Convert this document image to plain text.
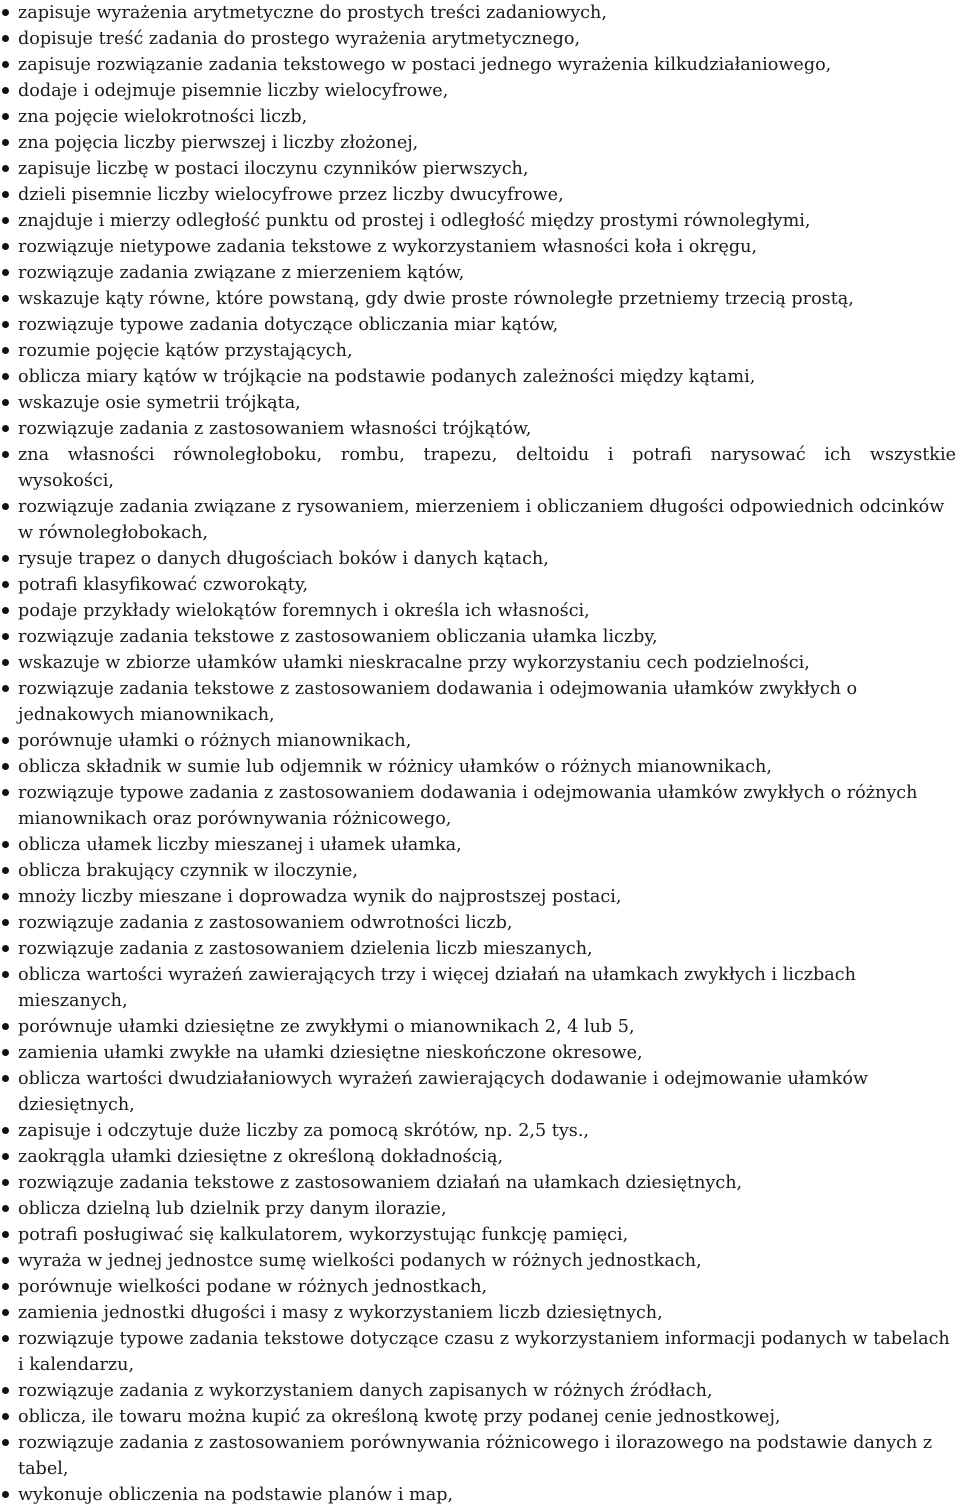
zapisuje wyrażenia arytmetyczne do prostych treści zadaniowych,
dopisuje treść zadania do prostego wyrażenia arytmetycznego,
zapisuje rozwiązanie zadania tekstowego w postaci jednego wyrażenia kilkudziałaniowego,
dodaje i odejmuje pisemnie liczby wielocyfrowe,
zna pojęcie wielokrotności liczb,
zna pojęcia liczby pierwszej i liczby złożonej,
zapisuje liczbę w postaci iloczynu czynników pierwszych,
dzieli pisemnie liczby wielocyfrowe przez liczby dwucyfrowe,
znajduje i mierzy odległość punktu od prostej i odległość między prostymi równoległymi,
rozwiązuje nietypowe zadania tekstowe z wykorzystaniem własności koła i okręgu,
rozwiązuje zadania związane z mierzeniem kątów,
wskazuje kąty równe, które powstaną, gdy dwie proste równoległe przetniemy trzecią prostą,
rozwiązuje typowe zadania dotyczące obliczania miar kątów,
rozumie pojęcie kątów przystających,
oblicza miary kątów w trójkącie na podstawie podanych zależności między kątami,
wskazuje osie symetrii trójkąta,
rozwiązuje zadania z zastosowaniem własności trójkątów,
zna własności równoległoboku, rombu, trapezu, deltoidu i potrafi narysować ich wszystkie wysokości,
rozwiązuje zadania związane z rysowaniem, mierzeniem i obliczaniem długości odpowiednich odcinków w równoległobokach,
rysuje trapez o danych długościach boków i danych kątach,
potrafi klasyfikować czworokąty,
podaje przykłady wielokątów foremnych i określa ich własności,
rozwiązuje zadania tekstowe z zastosowaniem obliczania ułamka liczby,
wskazuje w zbiorze ułamków ułamki nieskracalne przy wykorzystaniu cech podzielności,
rozwiązuje zadania tekstowe z zastosowaniem dodawania i odejmowania ułamków zwykłych o jednakowych mianownikach,
porównuje ułamki o różnych mianownikach,
oblicza składnik w sumie lub odjemnik w różnicy ułamków o różnych mianownikach,
rozwiązuje typowe zadania z zastosowaniem dodawania i odejmowania ułamków zwykłych o różnych mianownikach oraz porównywania różnicowego,
oblicza ułamek liczby mieszanej i ułamek ułamka,
oblicza brakujący czynnik w iloczynie,
mnoży liczby mieszane i doprowadza wynik do najprostszej postaci,
rozwiązuje zadania z zastosowaniem odwrotności liczb,
rozwiązuje zadania z zastosowaniem dzielenia liczb mieszanych,
oblicza wartości wyrażeń zawierających trzy i więcej działań na ułamkach zwykłych i liczbach mieszanych,
porównuje ułamki dziesiętne ze zwykłymi o mianownikach 2, 4 lub 5,
zamienia ułamki zwykłe na ułamki dziesiętne nieskończone okresowe,
oblicza wartości dwudziałaniowych wyrażeń zawierających dodawanie i odejmowanie ułamków dziesiętnych,
zapisuje i odczytuje duże liczby za pomocą skrótów, np. 2,5 tys.,
zaokrągla ułamki dziesiętne z określoną dokładnością,
rozwiązuje zadania tekstowe z zastosowaniem działań na ułamkach dziesiętnych,
oblicza dzielną lub dzielnik przy danym ilorazie,
potrafi posługiwać się kalkulatorem, wykorzystując funkcję pamięci,
wyraża w jednej jednostce sumę wielkości podanych w różnych jednostkach,
porównuje wielkości podane w różnych jednostkach,
zamienia jednostki długości i masy z wykorzystaniem liczb dziesiętnych,
rozwiązuje typowe zadania tekstowe dotyczące czasu z wykorzystaniem informacji podanych w tabelach i kalendarzu,
rozwiązuje zadania z wykorzystaniem danych zapisanych w różnych źródłach,
oblicza, ile towaru można kupić za określoną kwotę przy podanej cenie jednostkowej,
rozwiązuje zadania z zastosowaniem porównywania różnicowego i ilorazowego na podstawie danych z tabel,
wykonuje obliczenia na podstawie planów i map,
